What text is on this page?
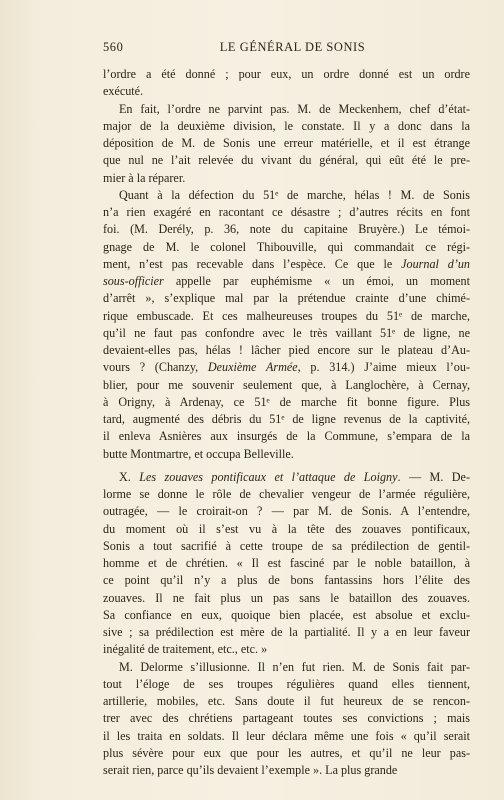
560	LE GÉNÉRAL DE SONIS
l’ordre a été donné ; pour eux, un ordre donné est un ordre
exécuté.
En fait, l’ordre ne parvint pas. M. de Meckenhem, chef d’état-
major de la deuxième division, le constate. Il y a donc dans la
déposition de M. de Sonis une erreur matérielle, et il est étrange
que nul ne l’ait relevée du vivant du général, qui eût été le pre-
mier à la réparer.
Quant à la défection du 51ᵉ de marche, hélas ! M. de Sonis
n’a rien exagéré en racontant ce désastre ; d’autres récits en font
foi. (M. Derély, p. 36, note du capitaine Bruyère.) Le témoi-
gnage de M. le colonel Thibouville, qui commandait ce régi-
ment, n’est pas recevable dans l’espèce. Ce que le Journal d’un
sous-officier appelle par euphémisme « un émoi, un moment
d’arrêt », s’explique mal par la prétendue crainte d’une chimé-
rique embuscade. Et ces malheureuses troupes du 51ᵉ de marche,
qu’il ne faut pas confondre avec le très vaillant 51ᵉ de ligne, ne
devaient-elles pas, hélas ! lâcher pied encore sur le plateau d’Au-
vours ? (Chanzy, Deuxième Armée, p. 314.) J’aime mieux l’ou-
blier, pour me souvenir seulement que, à Langlochère, à Cernay,
à Origny, à Ardenay, ce 51ᵉ de marche fit bonne figure. Plus
tard, augmenté des débris du 51ᵉ de ligne revenus de la captivité,
il enleva Asnières aux insurgés de la Commune, s’empara de la
butte Montmartre, et occupa Belleville.
X. Les zouaves pontificaux et l’attaque de Loigny. — M. De-
lorme se donne le rôle de chevalier vengeur de l’armée régulière,
outragée, — le croirait-on ? — par M. de Sonis. A l’entendre,
du moment où il s’est vu à la tête des zouaves pontificaux,
Sonis a tout sacrifié à cette troupe de sa prédilection de gentil-
homme et de chrétien. « Il est fasciné par le noble bataillon, à
ce point qu’il n’y a plus de bons fantassins hors l’élite des
zouaves. Il ne fait plus un pas sans le bataillon des zouaves.
Sa confiance en eux, quoique bien placée, est absolue et exclu-
sive ; sa prédilection est mère de la partialité. Il y a en leur faveur
inégalité de traitement, etc., etc. »
M. Delorme s’illusionne. Il n’en fut rien. M. de Sonis fait par-
tout l’éloge de ses troupes régulières quand elles tiennent,
artillerie, mobiles, etc. Sans doute il fut heureux de se rencon-
trer avec des chrétiens partageant toutes ses convictions ; mais
il les traita en soldats. Il leur déclara même une fois « qu’il serait
plus sévère pour eux que pour les autres, et qu’il ne leur pas-
serait rien, parce qu’ils devaient l’exemple ». La plus grande
